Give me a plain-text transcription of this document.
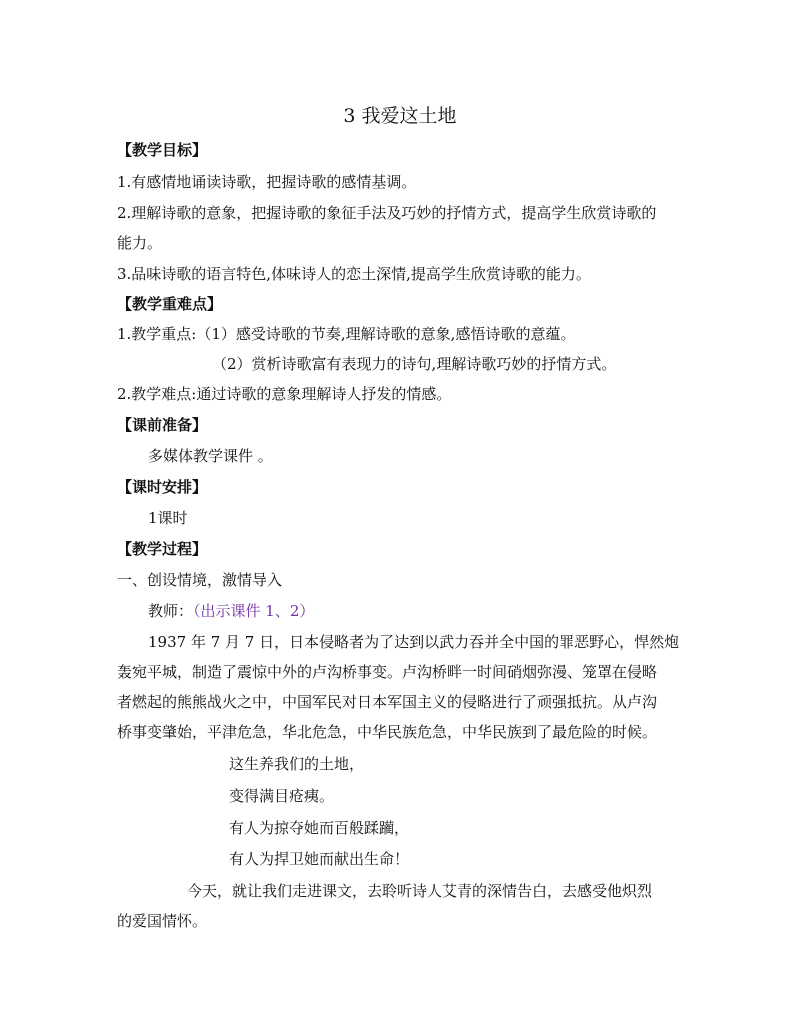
3 我爱这土地
【教学目标】
1.有感情地诵读诗歌，把握诗歌的感情基调。
2.理解诗歌的意象，把握诗歌的象征手法及巧妙的抒情方式，提高学生欣赏诗歌的
能力。
3.品味诗歌的语言特色,体味诗人的恋土深情,提高学生欣赏诗歌的能力。
【教学重难点】
1.教学重点:（1）感受诗歌的节奏,理解诗歌的意象,感悟诗歌的意蕴。
（2）赏析诗歌富有表现力的诗句,理解诗歌巧妙的抒情方式。
2.教学难点:通过诗歌的意象理解诗人抒发的情感。
【课前准备】
多媒体教学课件 。
【课时安排】
1课时
【教学过程】
一、创设情境，激情导入
教师：（出示课件 1、2）
1937 年 7 月 7 日，日本侵略者为了达到以武力吞并全中国的罪恶野心，悍然炮
轰宛平城，制造了震惊中外的卢沟桥事变。卢沟桥畔一时间硝烟弥漫、笼罩在侵略
者燃起的熊熊战火之中，中国军民对日本军国主义的侵略进行了顽强抵抗。从卢沟
桥事变肇始，平津危急，华北危急，中华民族危急，中华民族到了最危险的时候。
这生养我们的土地，
变得满目疮痍。
有人为掠夺她而百般蹂躏，
有人为捍卫她而献出生命！
今天，就让我们走进课文，去聆听诗人艾青的深情告白，去感受他炽烈
的爱国情怀。
